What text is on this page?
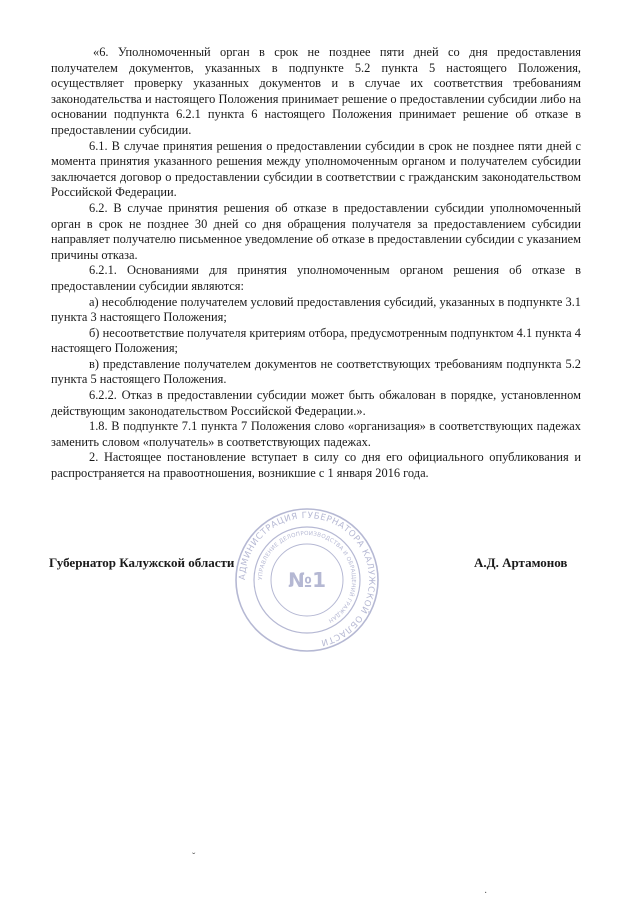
«6. Уполномоченный орган в срок не позднее пяти дней со дня предоставления получателем документов, указанных в подпункте 5.2 пункта 5 настоящего Положения, осуществляет проверку указанных документов и в случае их соответствия требованиям законодательства и настоящего Положения принимает решение о предоставлении субсидии либо на основании подпункта 6.2.1 пункта 6 настоящего Положения принимает решение об отказе в предоставлении субсидии.

6.1. В случае принятия решения о предоставлении субсидии в срок не позднее пяти дней с момента принятия указанного решения между уполномоченным органом и получателем субсидии заключается договор о предоставлении субсидии в соответствии с гражданским законодательством Российской Федерации.

6.2. В случае принятия решения об отказе в предоставлении субсидии уполномоченный орган в срок не позднее 30 дней со дня обращения получателя за предоставлением субсидии направляет получателю письменное уведомление об отказе в предоставлении субсидии с указанием причины отказа.

6.2.1. Основаниями для принятия уполномоченным органом решения об отказе в предоставлении субсидии являются:

а) несоблюдение получателем условий предоставления субсидий, указанных в подпункте 3.1 пункта 3 настоящего Положения;

б) несоответствие получателя критериям отбора, предусмотренным подпунктом 4.1 пункта 4 настоящего Положения;

в) представление получателем документов не соответствующих требованиям подпункта 5.2 пункта 5 настоящего Положения.

6.2.2. Отказ в предоставлении субсидии может быть обжалован в порядке, установленном действующим законодательством Российской Федерации.».

1.8. В подпункте 7.1 пункта 7 Положения слово «организация» в соответствующих падежах заменить словом «получатель» в соответствующих падежах.

2. Настоящее постановление вступает в силу со дня его официального опубликования и распространяется на правоотношения, возникшие с 1 января 2016 года.

Губернатор Калужской области	А.Д. Артамонов
АДМИНИСТРАЦИЯ ГУБЕРНАТОРА КАЛУЖСКОЙ ОБЛАСТИ
УПРАВЛЕНИЕ ДЕЛОПРОИЗВОДСТВА И ОБРАЩЕНИЙ ГРАЖДАН
№1
ˇ
·
